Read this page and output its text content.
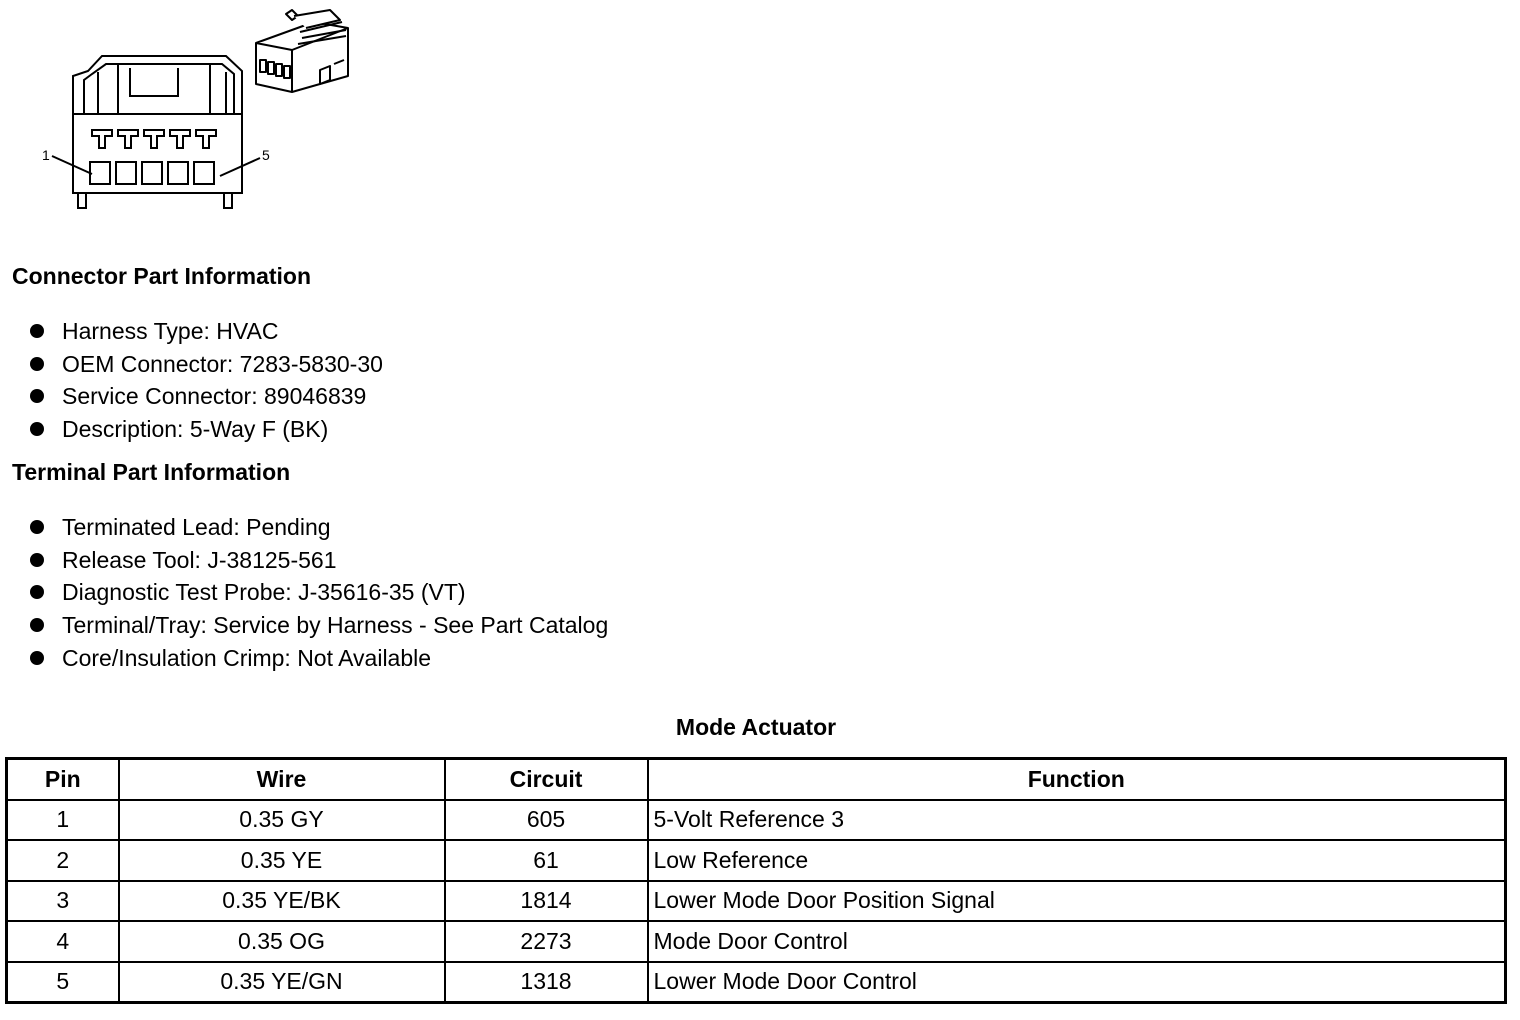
1	5
Connector Part Information
Harness Type: HVAC
OEM Connector: 7283-5830-30
Service Connector: 89046839
Description: 5-Way F (BK)
Terminal Part Information
Terminated Lead: Pending
Release Tool: J-38125-561
Diagnostic Test Probe: J-35616-35 (VT)
Terminal/Tray: Service by Harness - See Part Catalog
Core/Insulation Crimp: Not Available
Mode Actuator
Pin	Wire	Circuit	Function
1	0.35 GY	605	5-Volt Reference 3
2	0.35 YE	61	Low Reference
3	0.35 YE/BK	1814	Lower Mode Door Position Signal
4	0.35 OG	2273	Mode Door Control
5	0.35 YE/GN	1318	Lower Mode Door Control
